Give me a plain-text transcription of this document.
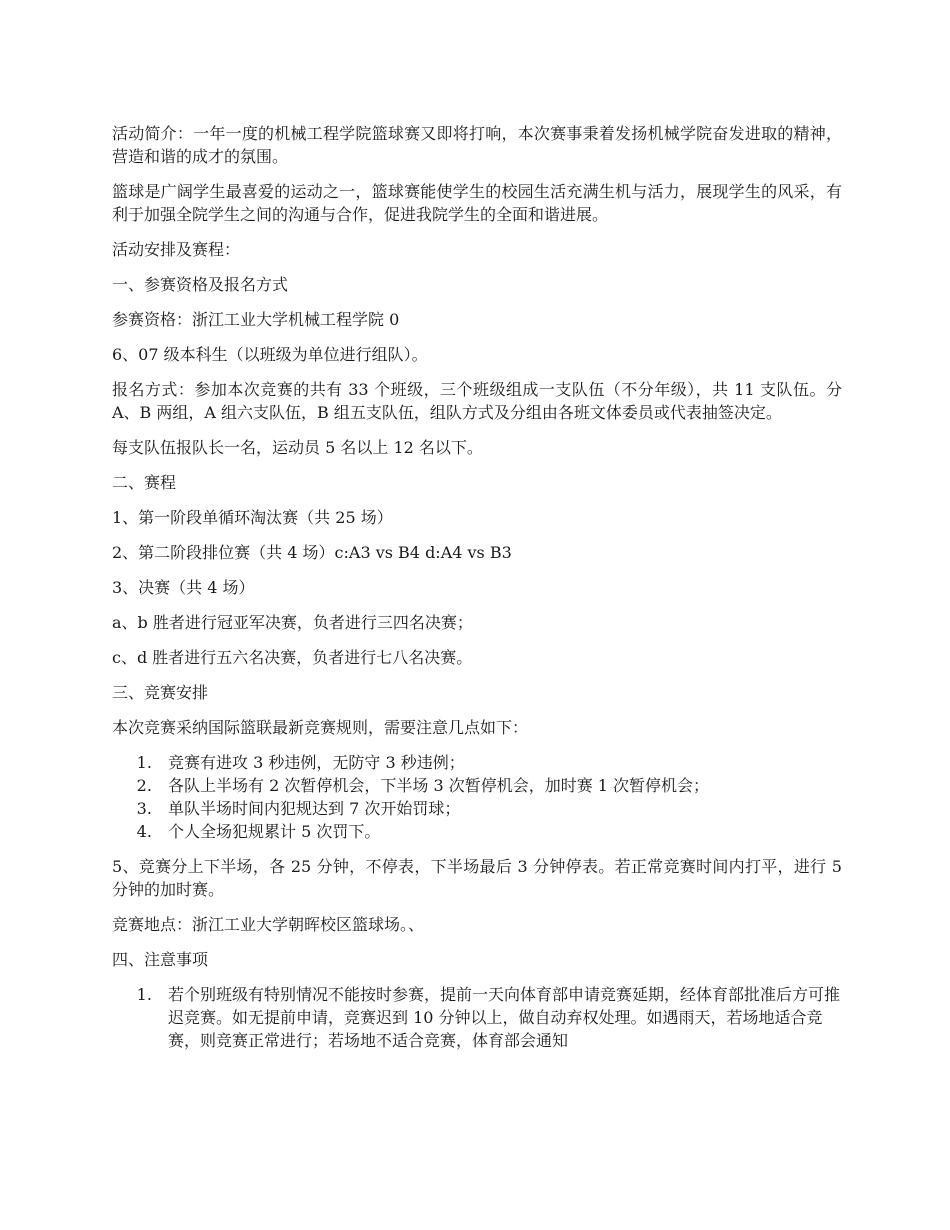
活动简介：一年一度的机械工程学院篮球赛又即将打响，本次赛事秉着发扬机械学院奋发进取的精神，营造和谐的成才的氛围。

篮球是广阔学生最喜爱的运动之一，篮球赛能使学生的校园生活充满生机与活力，展现学生的风采，有利于加强全院学生之间的沟通与合作，促进我院学生的全面和谐进展。

活动安排及赛程：

一、参赛资格及报名方式

参赛资格：浙江工业大学机械工程学院 0

6、07 级本科生（以班级为单位进行组队）。

报名方式：参加本次竞赛的共有 33 个班级，三个班级组成一支队伍（不分年级），共 11 支队伍。分 A、B 两组，A 组六支队伍，B 组五支队伍，组队方式及分组由各班文体委员或代表抽签决定。

每支队伍报队长一名，运动员 5 名以上 12 名以下。

二、赛程

1、第一阶段单循环淘汰赛（共 25 场）

2、第二阶段排位赛（共 4 场）c:A3 vs B4 d:A4 vs B3

3、决赛（共 4 场）

a、b 胜者进行冠亚军决赛，负者进行三四名决赛；

c、d 胜者进行五六名决赛，负者进行七八名决赛。

三、竞赛安排

本次竞赛采纳国际篮联最新竞赛规则，需要注意几点如下：

1. 竞赛有进攻 3 秒违例，无防守 3 秒违例；
2. 各队上半场有 2 次暂停机会，下半场 3 次暂停机会，加时赛 1 次暂停机会；
3. 单队半场时间内犯规达到 7 次开始罚球；
4. 个人全场犯规累计 5 次罚下。

5、竞赛分上下半场，各 25 分钟，不停表，下半场最后 3 分钟停表。若正常竞赛时间内打平，进行 5 分钟的加时赛。

竞赛地点：浙江工业大学朝晖校区篮球场。、

四、注意事项

1. 若个别班级有特别情况不能按时参赛，提前一天向体育部申请竞赛延期，经体育部批准后方可推迟竞赛。如无提前申请，竞赛迟到 10 分钟以上，做自动弃权处理。如遇雨天，若场地适合竞赛，则竞赛正常进行；若场地不适合竞赛，体育部会通知
